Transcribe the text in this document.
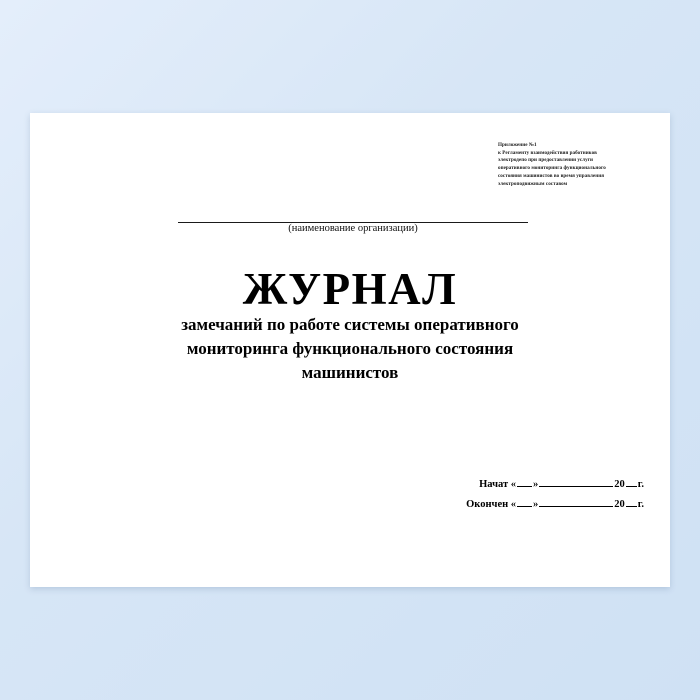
Приложение №1
к Регламенту взаимодействия работников
электродепо при предоставлении услуги
оперативного мониторинга функционального
состояния машинистов во время управления
электроподвижным составом
(наименование организации)
ЖУРНАЛ
замечаний по работе системы оперативного
мониторинга функционального состояния
машинистов
Начат « »	20 г.
Окончен « »	20 г.
